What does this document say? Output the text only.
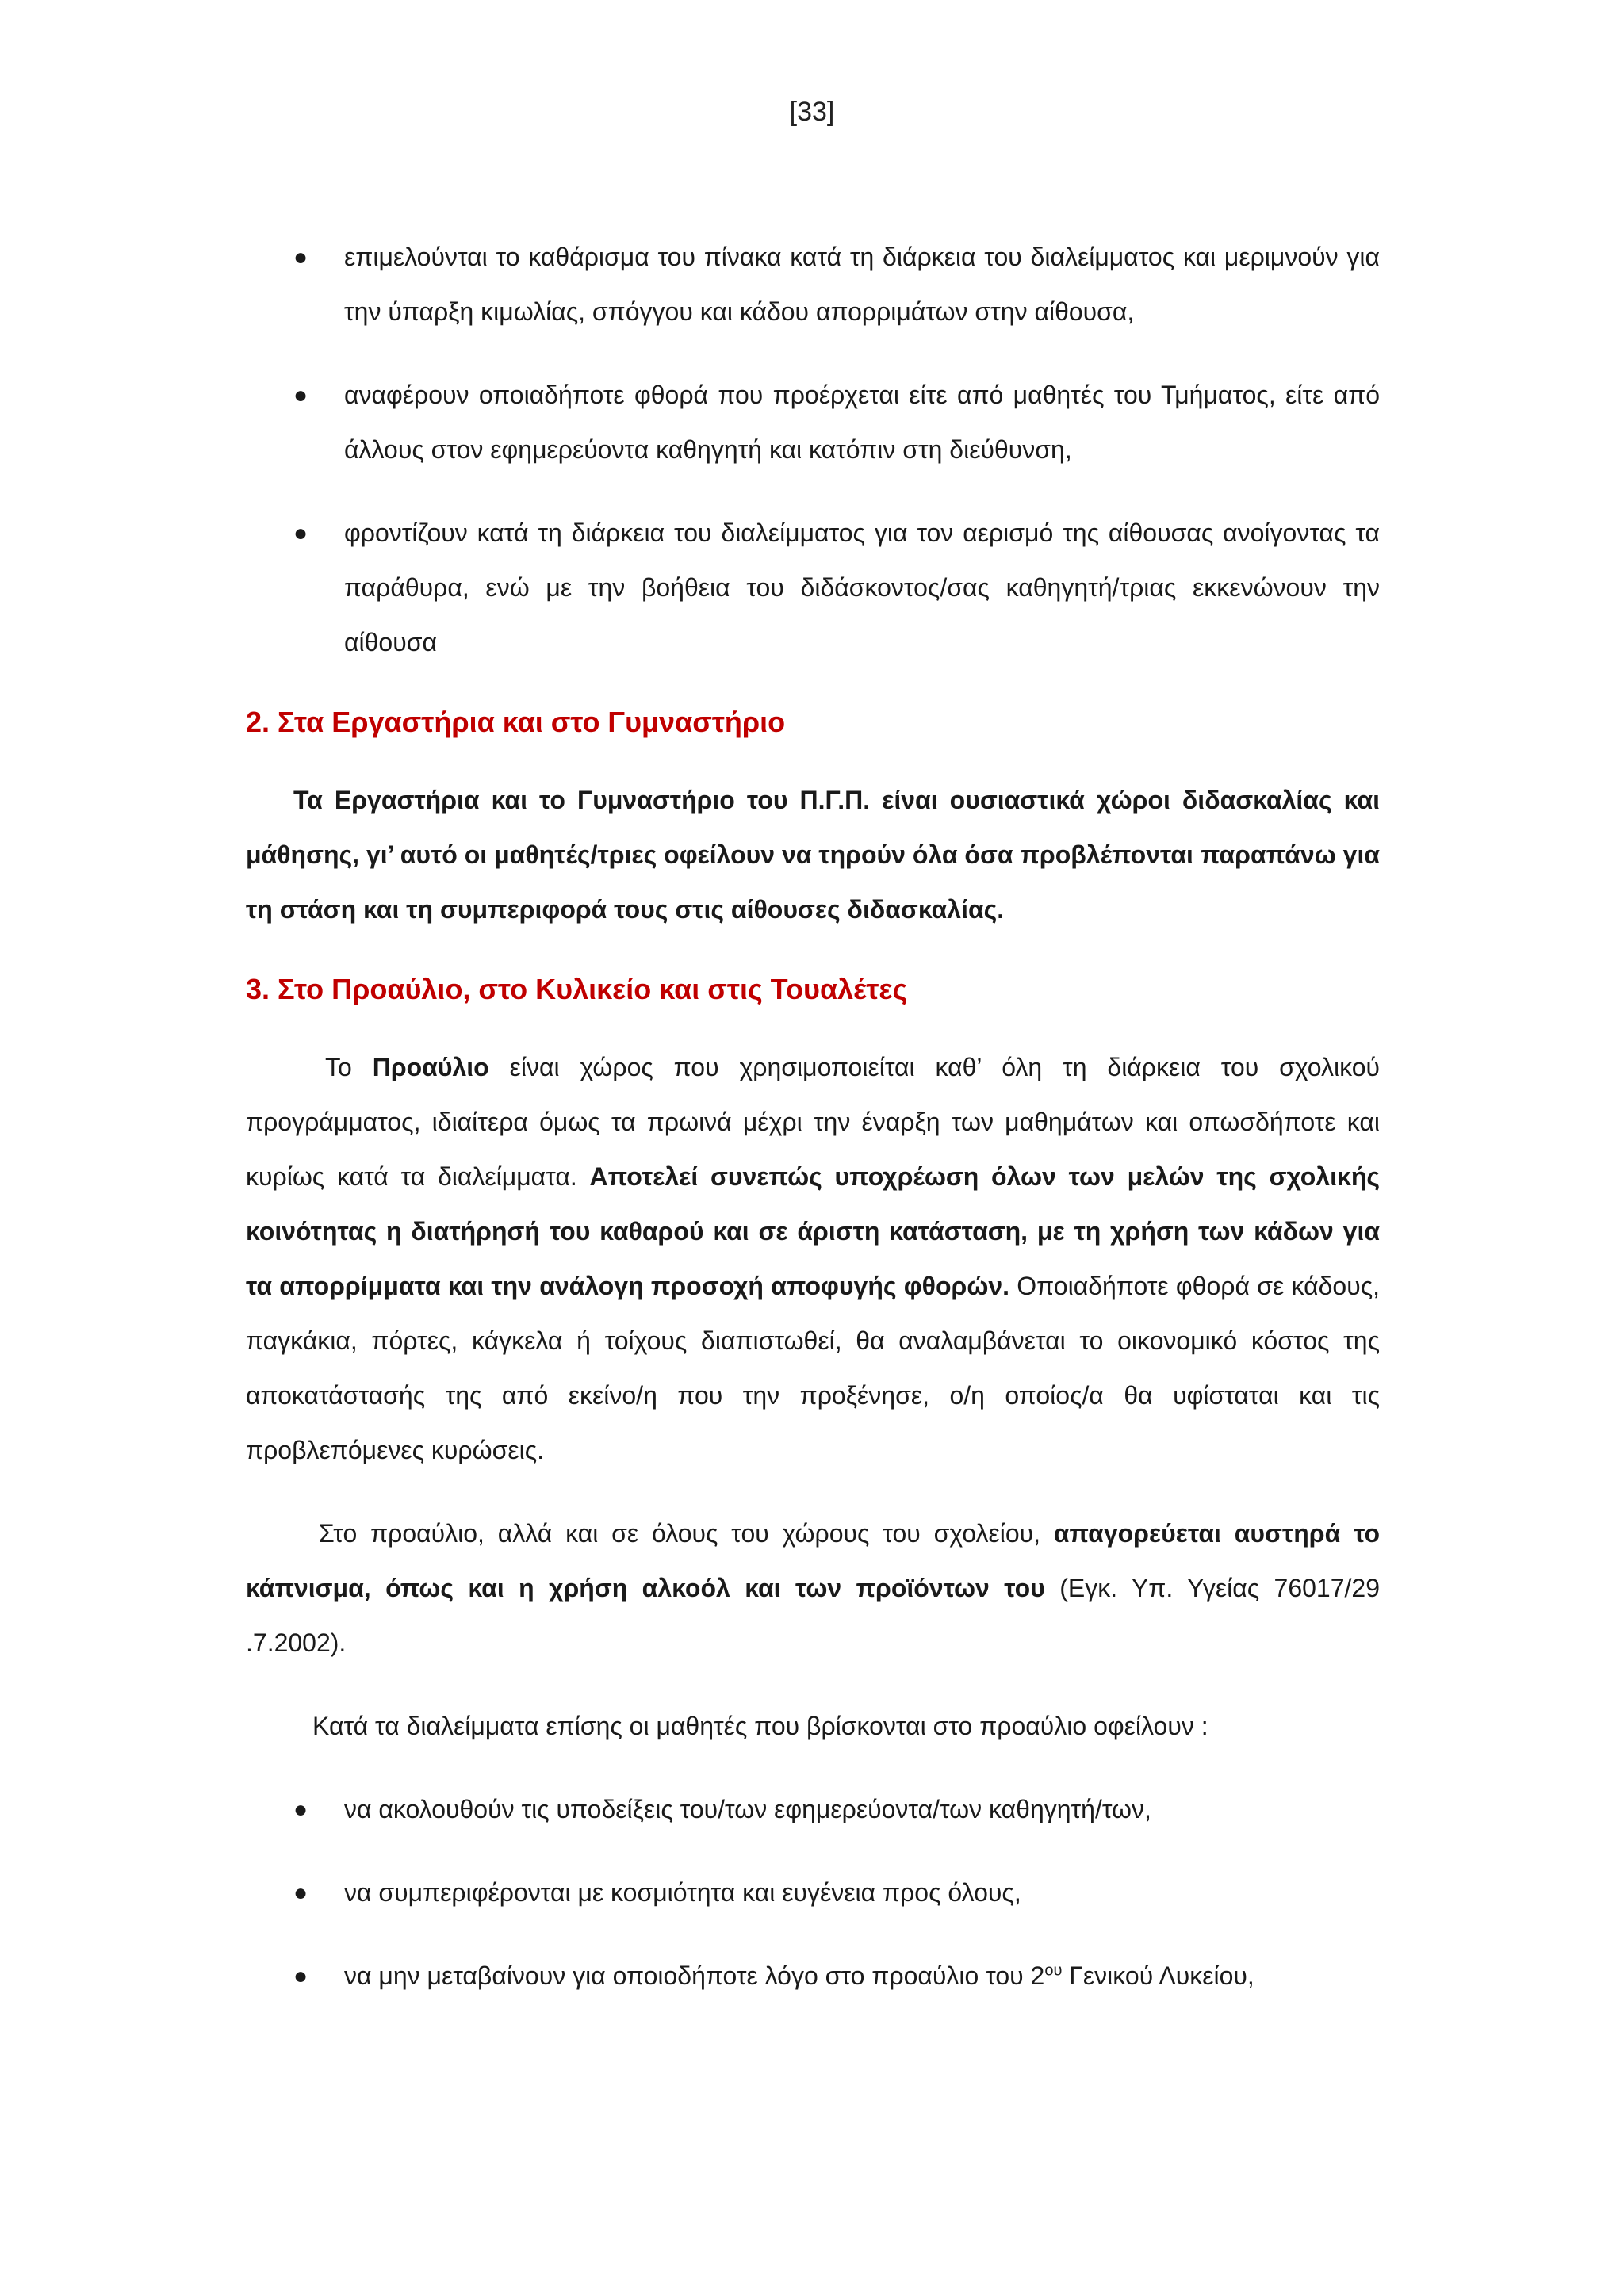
[33]
● επιμελούνται το καθάρισμα του πίνακα κατά τη διάρκεια του διαλείμματος και μεριμνούν για την ύπαρξη κιμωλίας, σπόγγου και κάδου απορριμάτων στην αίθουσα,
● αναφέρουν οποιαδήποτε φθορά που προέρχεται είτε από μαθητές του Τμήματος, είτε από άλλους στον εφημερεύοντα καθηγητή και κατόπιν στη διεύθυνση,
● φροντίζουν κατά τη διάρκεια του διαλείμματος για τον αερισμό της αίθουσας ανοίγοντας τα παράθυρα, ενώ με την βοήθεια του διδάσκοντος/σας καθηγητή/τριας εκκενώνουν την αίθουσα
2. Στα Εργαστήρια και στο Γυμναστήριο

Τα Εργαστήρια και το Γυμναστήριο του Π.Γ.Π. είναι ουσιαστικά χώροι διδασκαλίας και μάθησης, γι’ αυτό οι μαθητές/τριες οφείλουν να τηρούν όλα όσα προβλέπονται παραπάνω για τη στάση και τη συμπεριφορά τους στις αίθουσες διδασκαλίας.

3. Στο Προαύλιο, στο Κυλικείο και στις Τουαλέτες

Το Προαύλιο είναι χώρος που χρησιμοποιείται καθ’ όλη τη διάρκεια του σχολικού προγράμματος, ιδιαίτερα όμως τα πρωινά μέχρι την έναρξη των μαθημάτων και οπωσδήποτε και κυρίως κατά τα διαλείμματα. Αποτελεί συνεπώς υποχρέωση όλων των μελών της σχολικής κοινότητας η διατήρησή του καθαρού και σε άριστη κατάσταση, με τη χρήση των κάδων για τα απορρίμματα και την ανάλογη προσοχή αποφυγής φθορών. Οποιαδήποτε φθορά σε κάδους, παγκάκια, πόρτες, κάγκελα ή τοίχους διαπιστωθεί, θα αναλαμβάνεται το οικονομικό κόστος της αποκατάστασής της από εκείνο/η που την προξένησε, ο/η οποίος/α θα υφίσταται και τις προβλεπόμενες κυρώσεις.

Στο προαύλιο, αλλά και σε όλους του χώρους του σχολείου, απαγορεύεται αυστηρά το κάπνισμα, όπως και η χρήση αλκοόλ και των προϊόντων του (Εγκ. Υπ. Υγείας 76017/29 .7.2002).

Κατά τα διαλείμματα επίσης οι μαθητές που βρίσκονται στο προαύλιο οφείλουν :

● να ακολουθούν τις υποδείξεις του/των εφημερεύοντα/των καθηγητή/των,
● να συμπεριφέρονται με κοσμιότητα και ευγένεια προς όλους,
● να μην μεταβαίνουν για οποιοδήποτε λόγο στο προαύλιο του $2^{o\upsilon}$ Γενικού Λυκείου,
